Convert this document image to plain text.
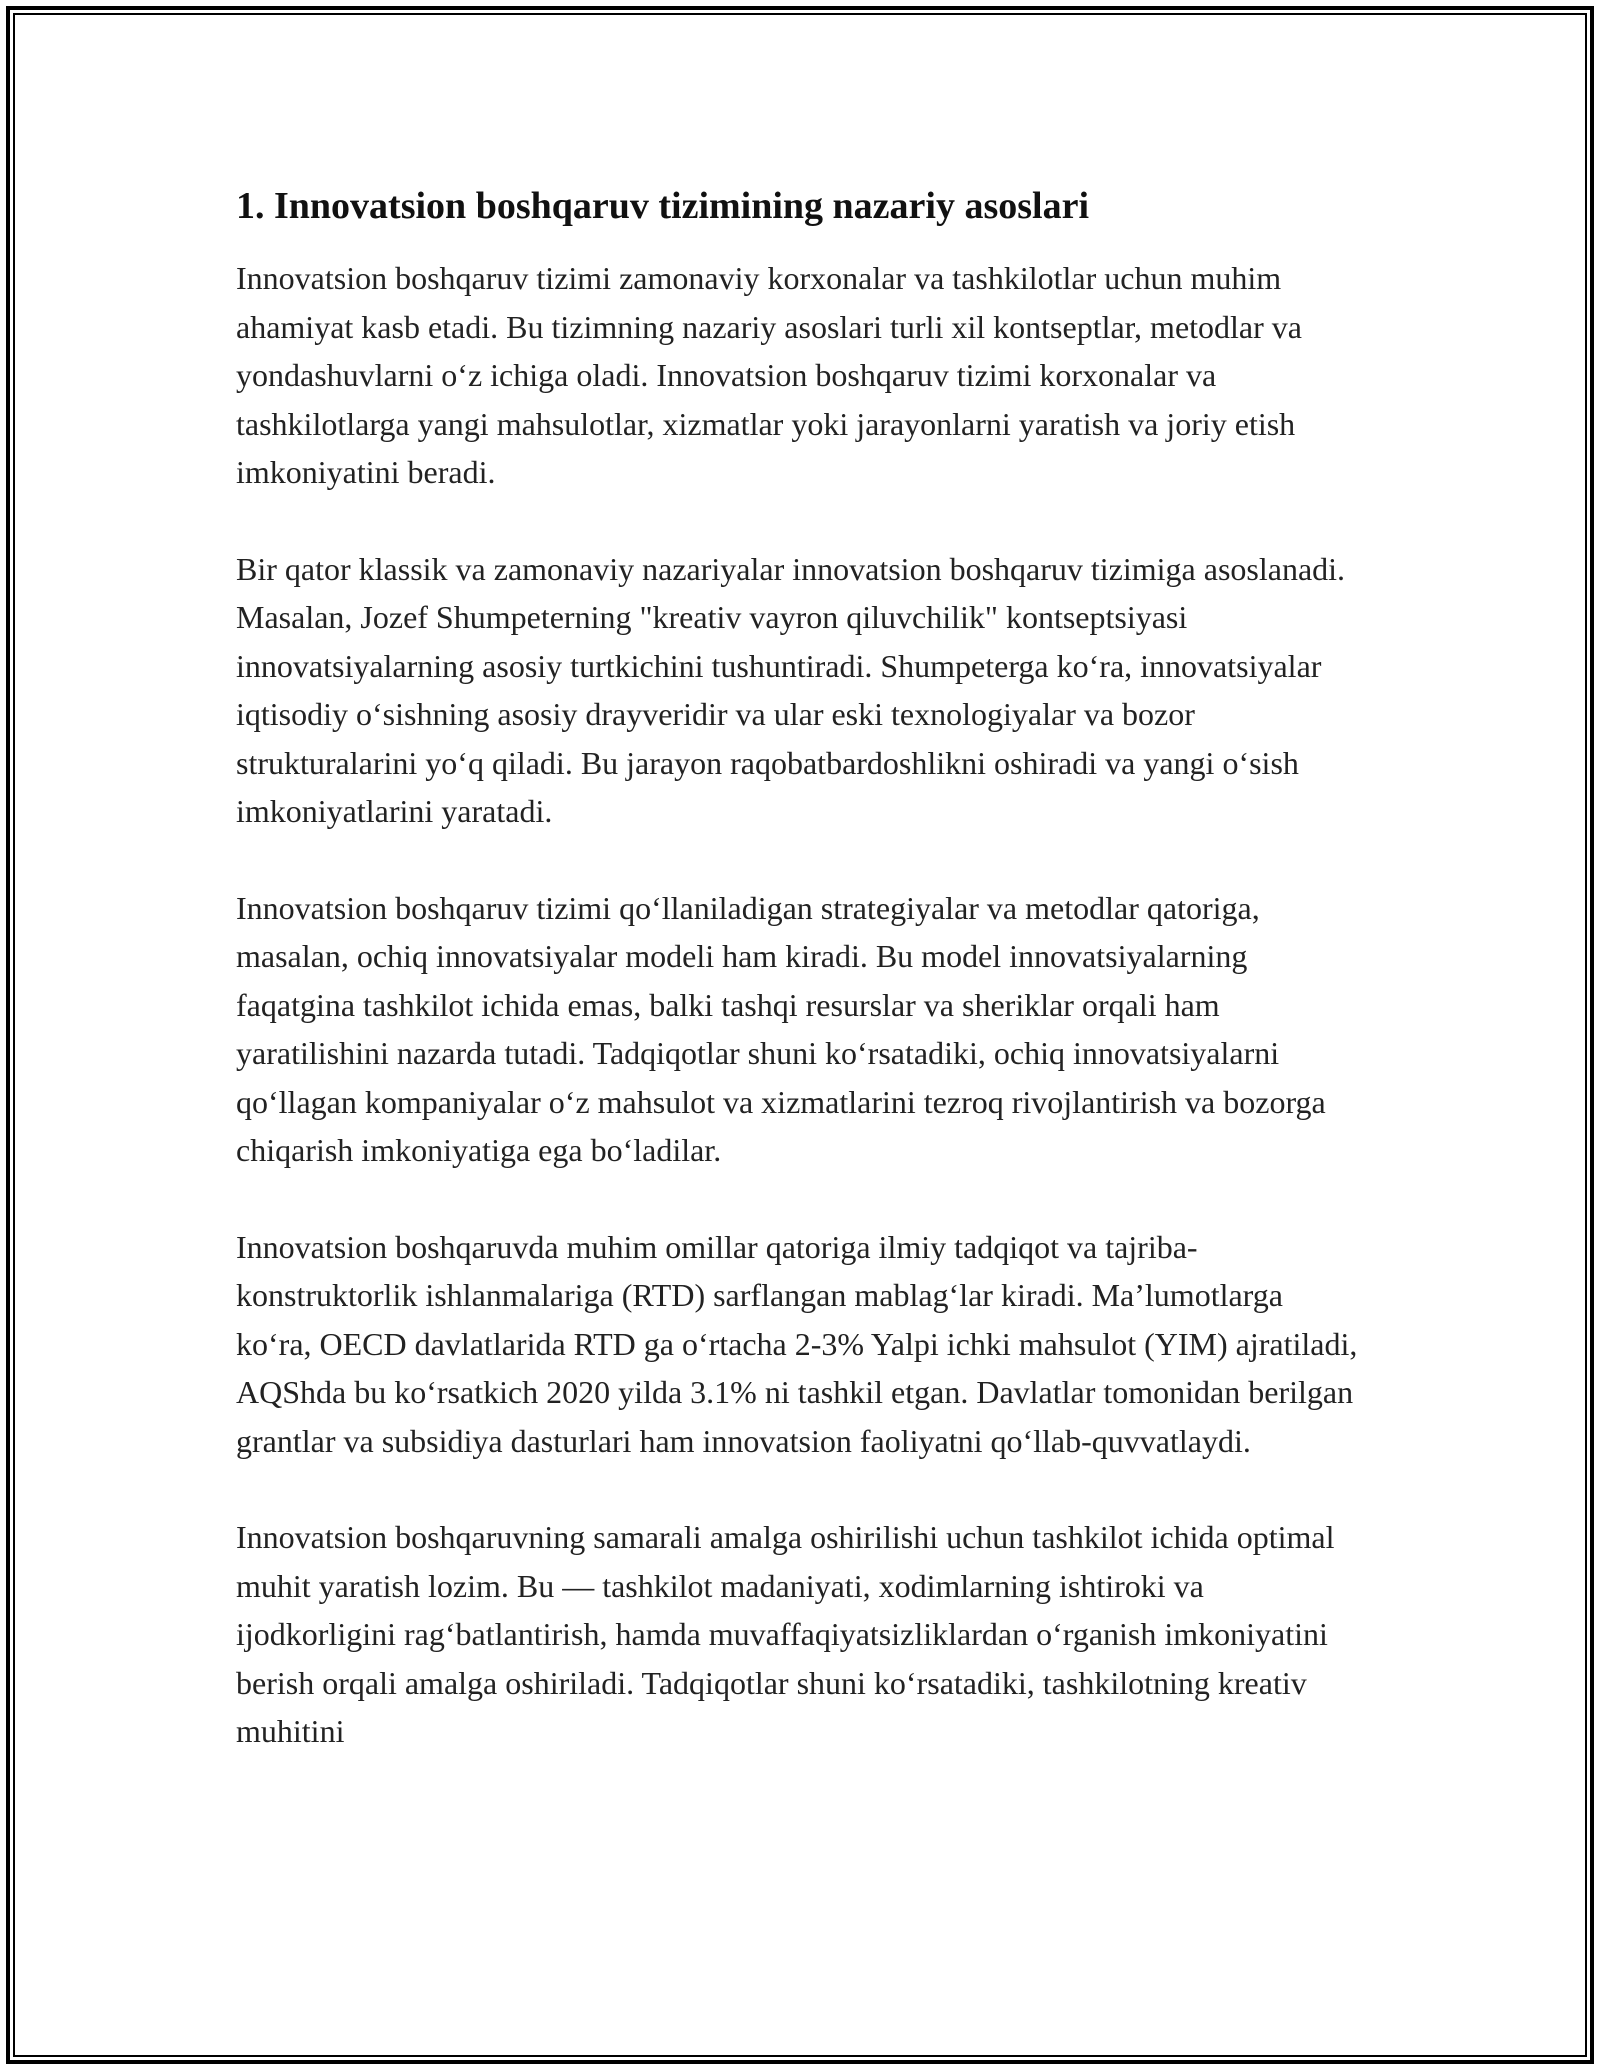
1. Innovatsion boshqaruv tizimining nazariy asoslari

Innovatsion boshqaruv tizimi zamonaviy korxonalar va tashkilotlar uchun muhim ahamiyat kasb etadi. Bu tizimning nazariy asoslari turli xil kontseptlar, metodlar va yondashuvlarni o‘z ichiga oladi. Innovatsion boshqaruv tizimi korxonalar va tashkilotlarga yangi mahsulotlar, xizmatlar yoki jarayonlarni yaratish va joriy etish imkoniyatini beradi.

Bir qator klassik va zamonaviy nazariyalar innovatsion boshqaruv tizimiga asoslanadi. Masalan, Jozef Shumpeterning "kreativ vayron qiluvchilik" kontseptsiyasi innovatsiyalarning asosiy turtkichini tushuntiradi. Shumpeterga ko‘ra, innovatsiyalar iqtisodiy o‘sishning asosiy drayveridir va ular eski texnologiyalar va bozor strukturalarini yo‘q qiladi. Bu jarayon raqobatbardoshlikni oshiradi va yangi o‘sish imkoniyatlarini yaratadi.

Innovatsion boshqaruv tizimi qo‘llaniladigan strategiyalar va metodlar qatoriga, masalan, ochiq innovatsiyalar modeli ham kiradi. Bu model innovatsiyalarning faqatgina tashkilot ichida emas, balki tashqi resurslar va sheriklar orqali ham yaratilishini nazarda tutadi. Tadqiqotlar shuni ko‘rsatadiki, ochiq innovatsiyalarni qo‘llagan kompaniyalar o‘z mahsulot va xizmatlarini tezroq rivojlantirish va bozorga chiqarish imkoniyatiga ega bo‘ladilar.

Innovatsion boshqaruvda muhim omillar qatoriga ilmiy tadqiqot va tajriba-konstruktorlik ishlanmalariga (RTD) sarflangan mablag‘lar kiradi. Ma’lumotlarga ko‘ra, OECD davlatlarida RTD ga o‘rtacha 2-3% Yalpi ichki mahsulot (YIM) ajratiladi, AQShda bu ko‘rsatkich 2020 yilda 3.1% ni tashkil etgan. Davlatlar tomonidan berilgan grantlar va subsidiya dasturlari ham innovatsion faoliyatni qo‘llab-quvvatlaydi.

Innovatsion boshqaruvning samarali amalga oshirilishi uchun tashkilot ichida optimal muhit yaratish lozim. Bu — tashkilot madaniyati, xodimlarning ishtiroki va ijodkorligini rag‘batlantirish, hamda muvaffaqiyatsizliklardan o‘rganish imkoniyatini berish orqali amalga oshiriladi. Tadqiqotlar shuni ko‘rsatadiki, tashkilotning kreativ muhitini
